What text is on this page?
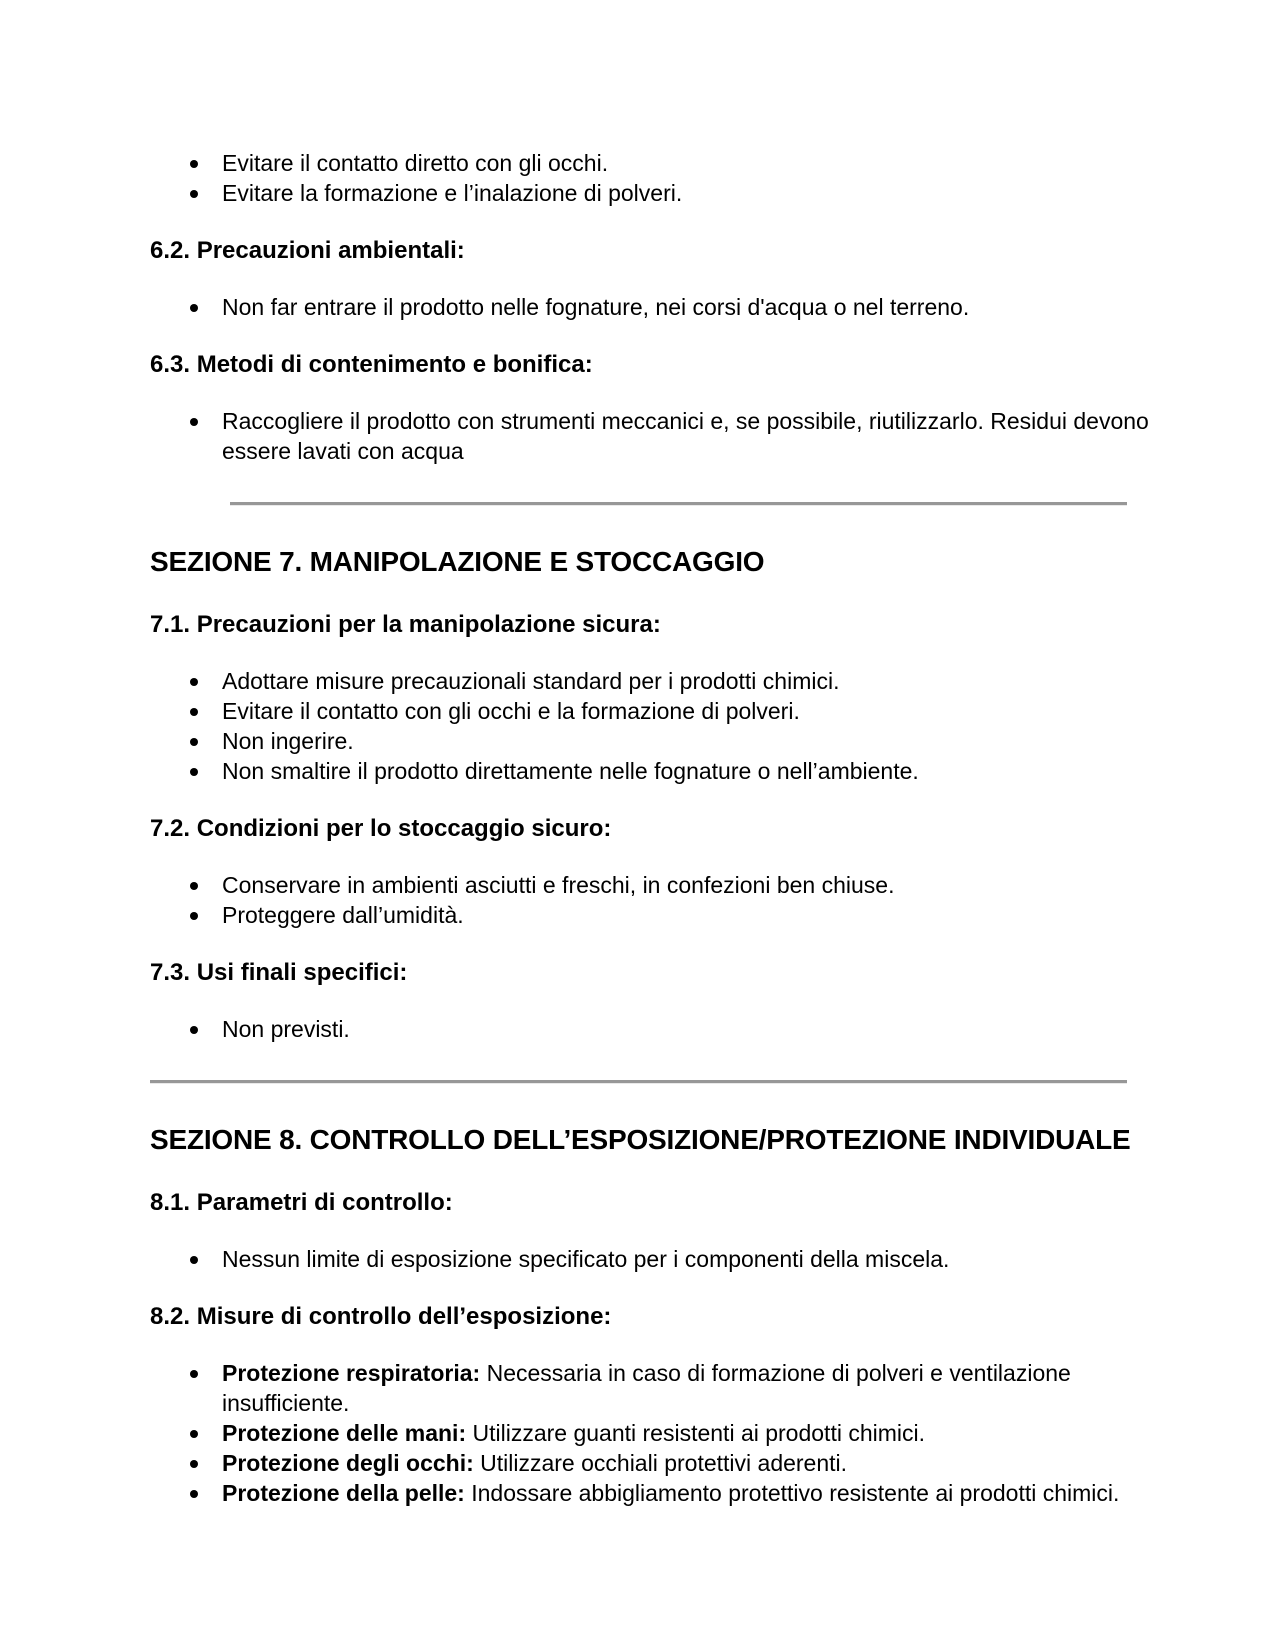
Evitare il contatto diretto con gli occhi.
Evitare la formazione e l’inalazione di polveri.
6.2. Precauzioni ambientali:
Non far entrare il prodotto nelle fognature, nei corsi d'acqua o nel terreno.
6.3. Metodi di contenimento e bonifica:
Raccogliere il prodotto con strumenti meccanici e, se possibile, riutilizzarlo. Residui devono essere lavati con acqua
SEZIONE 7. MANIPOLAZIONE E STOCCAGGIO
7.1. Precauzioni per la manipolazione sicura:
Adottare misure precauzionali standard per i prodotti chimici.
Evitare il contatto con gli occhi e la formazione di polveri.
Non ingerire.
Non smaltire il prodotto direttamente nelle fognature o nell’ambiente.
7.2. Condizioni per lo stoccaggio sicuro:
Conservare in ambienti asciutti e freschi, in confezioni ben chiuse.
Proteggere dall’umidità.
7.3. Usi finali specifici:
Non previsti.
SEZIONE 8. CONTROLLO DELL’ESPOSIZIONE/PROTEZIONE INDIVIDUALE
8.1. Parametri di controllo:
Nessun limite di esposizione specificato per i componenti della miscela.
8.2. Misure di controllo dell’esposizione:
Protezione respiratoria: Necessaria in caso di formazione di polveri e ventilazione insufficiente.
Protezione delle mani: Utilizzare guanti resistenti ai prodotti chimici.
Protezione degli occhi: Utilizzare occhiali protettivi aderenti.
Protezione della pelle: Indossare abbigliamento protettivo resistente ai prodotti chimici.
